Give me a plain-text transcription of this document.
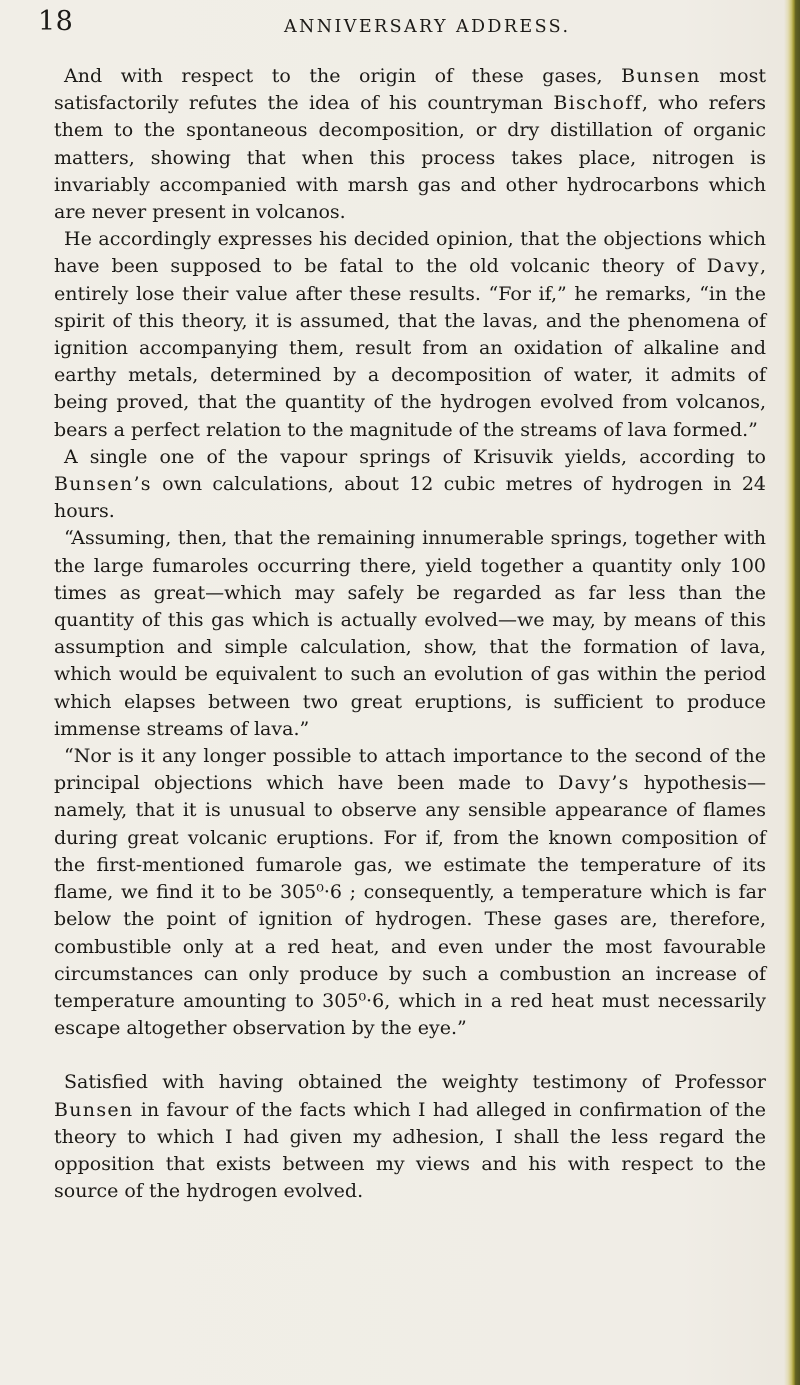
18	ANNIVERSARY ADDRESS.

And with respect to the origin of these gases, Bunsen most satisfactorily refutes the idea of his countryman Bischoff, who refers them to the spontaneous decomposition, or dry distillation of organic matters, showing that when this process takes place, nitrogen is invariably accompanied with marsh gas and other hydrocarbons which are never present in volcanos.

He accordingly expresses his decided opinion, that the objections which have been supposed to be fatal to the old volcanic theory of Davy, entirely lose their value after these results. “For if,” he remarks, “in the spirit of this theory, it is assumed, that the lavas, and the phenomena of ignition accompanying them, result from an oxidation of alkaline and earthy metals, determined by a decomposition of water, it admits of being proved, that the quantity of the hydrogen evolved from volcanos, bears a perfect relation to the magnitude of the streams of lava formed.”

A single one of the vapour springs of Krisuvik yields, according to Bunsen’s own calculations, about 12 cubic metres of hydrogen in 24 hours.

“Assuming, then, that the remaining innumerable springs, together with the large fumaroles occurring there, yield together a quantity only 100 times as great—which may safely be regarded as far less than the quantity of this gas which is actually evolved—we may, by means of this assumption and simple calculation, show, that the formation of lava, which would be equivalent to such an evolution of gas within the period which elapses between two great eruptions, is sufficient to produce immense streams of lava.”

“Nor is it any longer possible to attach importance to the second of the principal objections which have been made to Davy’s hypothesis—namely, that it is unusual to observe any sensible appearance of flames during great volcanic eruptions. For if, from the known composition of the first-mentioned fumarole gas, we estimate the temperature of its flame, we find it to be 305⁰·6 ; consequently, a temperature which is far below the point of ignition of hydrogen. These gases are, therefore, combustible only at a red heat, and even under the most favourable circumstances can only produce by such a combustion an increase of temperature amounting to 305⁰·6, which in a red heat must necessarily escape altogether observation by the eye.”

Satisfied with having obtained the weighty testimony of Professor Bunsen in favour of the facts which I had alleged in confirmation of the theory to which I had given my adhesion, I shall the less regard the opposition that exists between my views and his with respect to the source of the hydrogen evolved.
